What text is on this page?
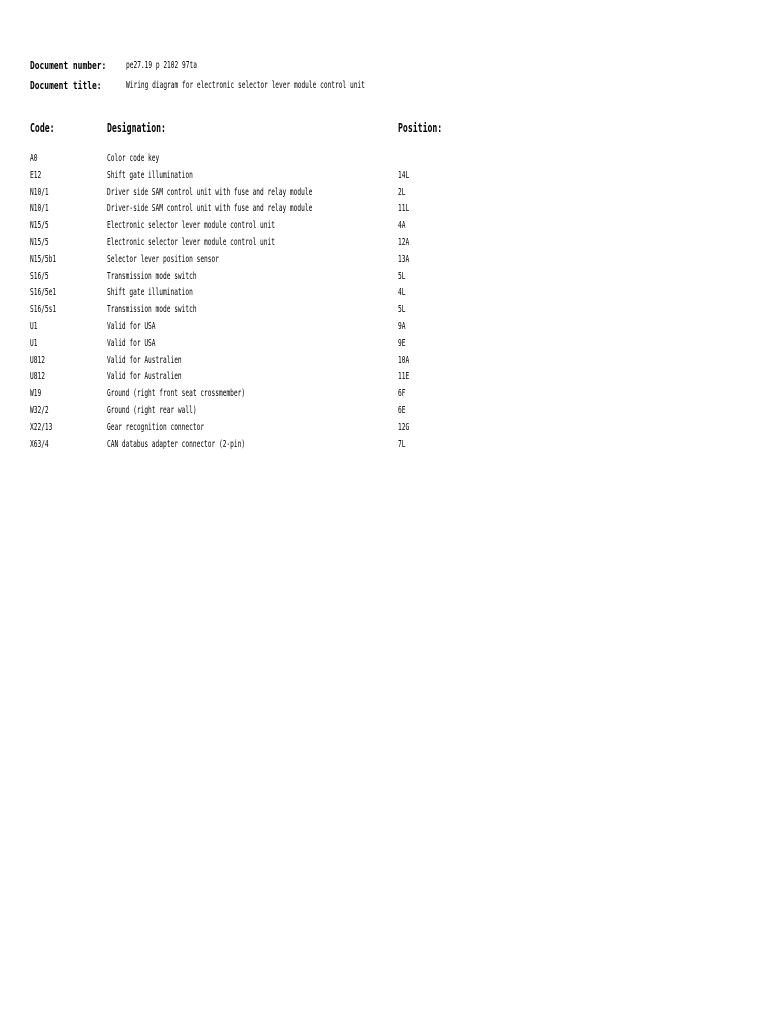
Document number: pe27.19 p 2102 97ta
Document title: Wiring diagram for electronic selector lever module control unit
Code:	Designation:	Position:
A0	Color code key
E12	Shift gate illumination	14L
N10/1	Driver side SAM control unit with fuse and relay module	2L
N10/1	Driver-side SAM control unit with fuse and relay module	11L
N15/5	Electronic selector lever module control unit	4A
N15/5	Electronic selector lever module control unit	12A
N15/5b1	Selector lever position sensor	13A
S16/5	Transmission mode switch	5L
S16/5e1	Shift gate illumination	4L
S16/5s1	Transmission mode switch	5L
U1	Valid for USA	9A
U1	Valid for USA	9E
U812	Valid for Australien	10A
U812	Valid for Australien	11E
W19	Ground (right front seat crossmember)	6F
W32/2	Ground (right rear wall)	6E
X22/13	Gear recognition connector	12G
X63/4	CAN databus adapter connector (2-pin)	7L
